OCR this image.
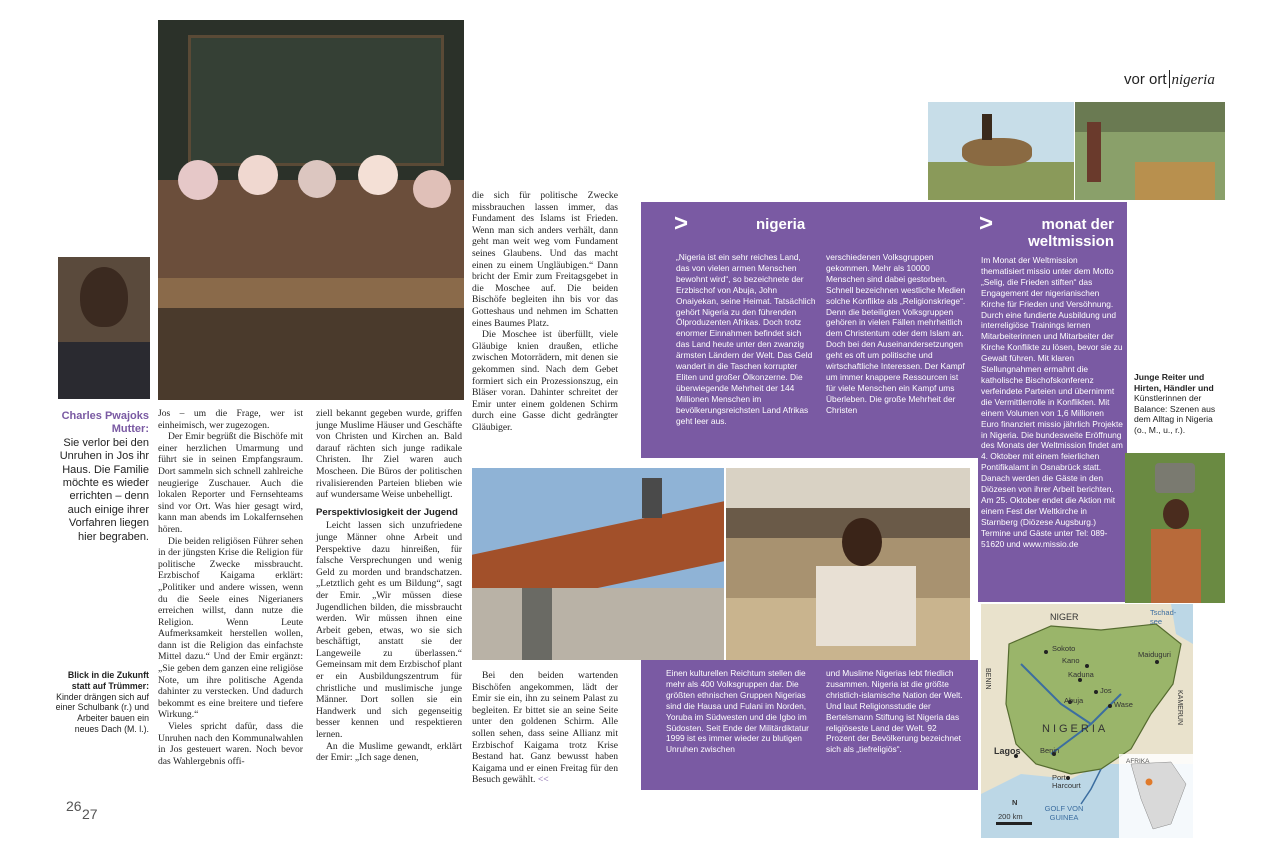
vor ort nigeria
26 27
Charles Pwajoks Mutter:
Sie verlor bei den Unruhen in Jos ihr Haus. Die Familie möchte es wieder errichten – denn auch einige ihrer Vorfahren liegen hier begraben.
Blick in die Zukunft statt auf Trümmer:
Kinder drängen sich auf einer Schulbank (r.) und Arbeiter bauen ein neues Dach (M. l.).

Jos – um die Frage, wer ist einheimisch, wer zugezogen.

Der Emir begrüßt die Bischöfe mit einer herzlichen Umarmung und führt sie in seinen Empfangsraum. Dort sammeln sich schnell zahlreiche neugierige Zuschauer. Auch die lokalen Reporter und Fernsehteams sind vor Ort. Was hier gesagt wird, kann man abends im Lokalfernsehen hören.

Die beiden religiösen Führer sehen in der jüngsten Krise die Religion für politische Zwecke missbraucht. Erzbischof Kaigama erklärt: „Politiker und andere wissen, wenn du die Seele eines Nigerianers erreichen willst, dann nutze die Religion. Wenn Leute Aufmerksamkeit herstellen wollen, dann ist die Religion das einfachste Mittel dazu.“ Und der Emir ergänzt: „Sie geben dem ganzen eine religiöse Note, um ihre politische Agenda dahinter zu verstecken. Und dadurch bekommt es eine breitere und tiefere Wirkung.“

Vieles spricht dafür, dass die Unruhen nach den Kommunalwahlen in Jos gesteuert waren. Noch bevor das Wahlergebnis offi-

ziell bekannt gegeben wurde, griffen junge Muslime Häuser und Geschäfte von Christen und Kirchen an. Bald darauf rächten sich junge radikale Christen. Ihr Ziel waren auch Moscheen. Die Büros der politischen rivalisierenden Parteien blieben wie auf wundersame Weise unbehelligt.

Perspektivlosigkeit der Jugend

Leicht lassen sich unzufriedene junge Männer ohne Arbeit und Perspektive dazu hinreißen, für falsche Versprechungen und wenig Geld zu morden und brandschatzen. „Letztlich geht es um Bildung“, sagt der Emir. „Wir müssen diese Jugendlichen bilden, die missbraucht werden. Wir müssen ihnen eine Arbeit geben, etwas, wo sie sich beschäftigt, anstatt sie der Langeweile zu überlassen.“ Gemeinsam mit dem Erzbischof plant er ein Ausbildungszentrum für christliche und muslimische junge Männer. Dort sollen sie ein Handwerk und sich gegenseitig besser kennen und respektieren lernen.

An die Muslime gewandt, erklärt der Emir: „Ich sage denen,

die sich für politische Zwecke missbrauchen lassen immer, das Fundament des Islams ist Frieden. Wenn man sich anders verhält, dann geht man weit weg vom Fundament seines Glaubens. Und das macht einen zu einem Ungläubigen.“ Dann bricht der Emir zum Freitagsgebet in die Moschee auf. Die beiden Bischöfe begleiten ihn bis vor das Gotteshaus und nehmen im Schatten eines Baumes Platz.

Die Moschee ist überfüllt, viele Gläubige knien draußen, etliche zwischen Motorrädern, mit denen sie gekommen sind. Nach dem Gebet formiert sich ein Prozessionszug, ein Bläser voran. Dahinter schreitet der Emir unter einem goldenen Schirm durch eine Gasse dicht gedrängter Gläubiger.

Bei den beiden wartenden Bischöfen angekommen, lädt der Emir sie ein, ihn zu seinem Palast zu begleiten. Er bittet sie an seine Seite unter den goldenen Schirm. Alle sollen sehen, dass seine Allianz mit Erzbischof Kaigama trotz Krise Bestand hat. Ganz bewusst haben Kaigama und er einen Freitag für den Besuch gewählt. <<

>	nigeria

„Nigeria ist ein sehr reiches Land, das von vielen armen Menschen bewohnt wird“, so bezeichnete der Erzbischof von Abuja, John Onaiyekan, seine Heimat. Tatsächlich gehört Nigeria zu den führenden Ölproduzenten Afrikas. Doch trotz enormer Einnahmen befindet sich das Land heute unter den zwanzig ärmsten Ländern der Welt. Das Geld wandert in die Taschen korrupter Eliten und großer Ölkonzerne. Die überwiegende Mehrheit der 144 Millionen Menschen im bevölkerungsreichsten Land Afrikas geht leer aus.

verschiedenen Volksgruppen gekommen. Mehr als 10000 Menschen sind dabei gestorben. Schnell bezeichnen westliche Medien solche Konflikte als „Religionskriege“. Denn die beteiligten Volksgruppen gehören in vielen Fällen mehrheitlich dem Christentum oder dem Islam an. Doch bei den Auseinandersetzungen geht es oft um politische und wirtschaftliche Interessen. Der Kampf um immer knappere Ressourcen ist für viele Menschen ein Kampf ums Überleben. Die große Mehrheit der Christen

Einen kulturellen Reichtum stellen die mehr als 400 Volksgruppen dar. Die größten ethnischen Gruppen Nigerias sind die Hausa und Fulani im Norden, Yoruba im Südwesten und die Igbo im Südosten. Seit Ende der Militärdiktatur 1999 ist es immer wieder zu blutigen Unruhen zwischen

und Muslime Nigerias lebt friedlich zusammen. Nigeria ist die größte christlich-islamische Nation der Welt. Und laut Religionsstudie der Bertelsmann Stiftung ist Nigeria das religiöseste Land der Welt. 92 Prozent der Bevölkerung bezeichnet sich als „tiefreligiös“.

>	monat der
weltmission

Im Monat der Weltmission thematisiert missio unter dem Motto „Selig, die Frieden stiften“ das Engagement der nigerianischen Kirche für Frieden und Versöhnung. Durch eine fundierte Ausbildung und interreligiöse Trainings lernen Mitarbeiterinnen und Mitarbeiter der Kirche Konflikte zu lösen, bevor sie zu Gewalt führen. Mit klaren Stellungnahmen ermahnt die katholische Bischofskonferenz verfeindete Parteien und übernimmt die Vermittlerrolle in Konflikten. Mit einem Volumen von 1,6 Millionen Euro finanziert missio jährlich Projekte in Nigeria. Die bundesweite Eröffnung des Monats der Weltmission findet am 4. Oktober mit einem feierlichen Pontifikalamt in Osnabrück statt. Danach werden die Gäste in den Diözesen von ihrer Arbeit berichten. Am 25. Oktober endet die Aktion mit einem Fest der Weltkirche in Starnberg (Diözese Augsburg.) Termine und Gäste unter Tel: 089-51620 und www.missio.de

Junge Reiter und Hirten, Händler und
Künstlerinnen der Balance: Szenen aus dem Alltag in Nigeria (o., M., u., r.).
NIGER
BENIN
KAMERUN
NIGERIA
Tschad-see
Sokoto
Kano
Maiduguri
Kaduna
Jos
Abuja	Wase
Lagos	Benin
Port Harcourt
GOLF VON GUINEA
AFRIKA
N
200 km
